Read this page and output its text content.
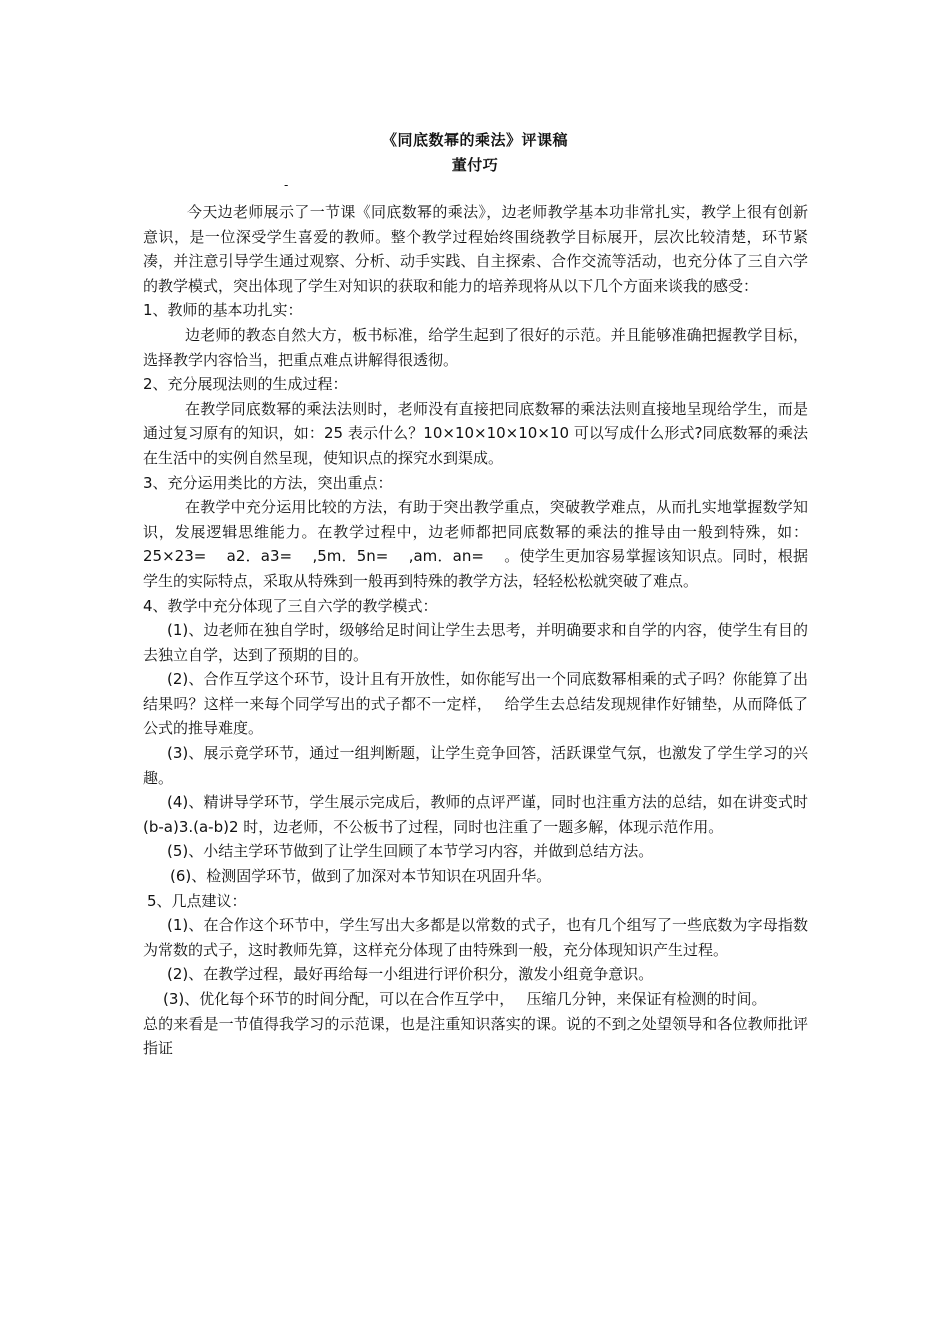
《同底数幂的乘法》评课稿
董付巧
-

今天边老师展示了一节课《同底数幂的乘法》，边老师教学基本功非常扎实，教学上很有创新意识，是一位深受学生喜爱的教师。整个教学过程始终围绕教学目标展开，层次比较清楚，环节紧凑，并注意引导学生通过观察、分析、动手实践、自主探索、合作交流等活动，也充分体了三自六学的教学模式，突出体现了学生对知识的获取和能力的培养现将从以下几个方面来谈我的感受：

1、教师的基本功扎实：

边老师的教态自然大方，板书标准，给学生起到了很好的示范。并且能够准确把握教学目标，选择教学内容恰当，把重点难点讲解得很透彻。

2、充分展现法则的生成过程：

在教学同底数幂的乘法法则时，老师没有直接把同底数幂的乘法法则直接地呈现给学生，而是通过复习原有的知识，如：25 表示什么？10×10×10×10×10 可以写成什么形式?同底数幂的乘法在生活中的实例自然呈现，使知识点的探究水到渠成。

3、充分运用类比的方法，突出重点：

在教学中充分运用比较的方法，有助于突出教学重点，突破教学难点，从而扎实地掌握数学知识，发展逻辑思维能力。在教学过程中，边老师都把同底数幂的乘法的推导由一般到特殊，如：25×23=　 a2．a3=　 ,5m．5n=　 ,am．an=　 。使学生更加容易掌握该知识点。同时，根据学生的实际特点，采取从特殊到一般再到特殊的教学方法，轻轻松松就突破了难点。

4、教学中充分体现了三自六学的教学模式：

(1)、边老师在独自学时，级够给足时间让学生去思考，并明确要求和自学的内容，使学生有目的去独立自学，达到了预期的目的。

(2)、合作互学这个环节，设计且有开放性，如你能写出一个同底数幂相乘的式子吗？你能算了出结果吗？这样一来每个同学写出的式子都不一定样，　 给学生去总结发现规律作好铺垫，从而降低了公式的推导难度。

(3)、展示竟学环节，通过一组判断题，让学生竞争回答，活跃课堂气氛，也激发了学生学习的兴趣。

(4)、精讲导学环节，学生展示完成后，教师的点评严谨，同时也注重方法的总结，如在讲变式时(b-a)3.(a-b)2 时，边老师，不公板书了过程，同时也注重了一题多解，体现示范作用。

(5)、小结主学环节做到了让学生回顾了本节学习内容，并做到总结方法。

(6)、检测固学环节，做到了加深对本节知识在巩固升华。

5、几点建议：

(1)、在合作这个环节中，学生写出大多都是以常数的式子，也有几个组写了一些底数为字母指数为常数的式子，这时教师先算，这样充分体现了由特殊到一般，充分体现知识产生过程。

(2)、在教学过程，最好再给每一小组进行评价积分，激发小组竟争意识。

(3)、优化每个环节的时间分配，可以在合作互学中，　 压缩几分钟，来保证有检测的时间。

总的来看是一节值得我学习的示范课，也是注重知识落实的课。说的不到之处望领导和各位教师批评指证
